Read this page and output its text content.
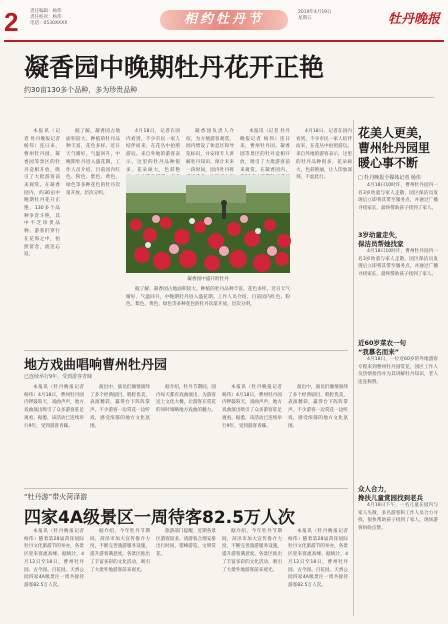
2	责任编辑：杨伟
责任校对：杨伟
电话：0530XXXX	相约牡丹节	2019年4月19日
星期五	牡丹晚报
凝香园中晚期牡丹花开正艳
约30亩130多个品种，多为珍贵品种
本报讯（记者 牡丹晚报记者 杨伟）连日来，曹州牡丹园、凝香园等景区的牡丹竞相开放，吸引了大批游客前来观赏。在凝香园内，约30亩中晚期牡丹花开正艳，130多个品种争奇斗艳，其中不乏珍贵品种。游客们穿行在花海之中，拍照留念，流连忘返。
据了解，凝香园占地面积较大，种植的牡丹品种丰富，花色多样。近日天气晴好，气温回升，中晚期牡丹进入盛花期。工作人员介绍，目前园内红色、粉色、紫色、黄色、绿色等多种花色的牡丹次第开放，层次分明。
4月18日，记者在园内看到，不少市民一家人结伴而来，在花丛中拍照游玩。来自外地的游客表示，这里的牡丹品种很多，花朵硕大，色彩艳
凝香园负责人介绍，为方便游客观赏，园内增设了休息区和导览标识，并安排专人讲解牡丹知识。预计未来一段时间，园内牡丹将
本报讯（记者 牡丹晚报记者 杨伟）连日来，曹州牡丹园、凝香园等景区的牡丹竞相开放，吸引了大批游客前来观赏。在凝香园内，
4月18日，记者在园内看到，不少市民一家人结伴而来，在花丛中拍照游玩。来自外地的游客表示，这里的牡丹品种很多，花朵硕大，色彩艳丽，让人印象深刻，不虚此行。
凝香园中盛开的牡丹
据了解，凝香园占地面积较大，种植的牡丹品种丰富，花色多样。近日天气晴好，气温回升，中晚期牡丹进入盛花期。工作人员介绍，目前园内红色、粉色、紫色、黄色、绿色等多种花色的牡丹次第开放，层次分明。
花美人更美，
曹州牡丹园里
暖心事不断
□ 牡丹晚报全媒体记者 杨伟
4月18日10时许，曹州牡丹园内一名3岁幼童与家人走散，园区保洁员发现后立即将其带至服务点，并通过广播寻找家长，最终帮助孩子找到了家人。
3岁幼童走失，
保洁员帮她找家
4月18日10时许，曹州牡丹园内一名3岁幼童与家人走散，园区保洁员发现后立即将其带至服务点，并通过广播寻找家长，最终帮助孩子找到了家人。
近60岁菜农一句
“我慕名而来”
4月18日，一位近60岁的外地游客专程来到曹州牡丹园赏花，园区工作人员热情接待并为其讲解牡丹知识，老人连连称赞。
众人合力，
搀扶儿童赏园找到老兵
4月18日下午，一名儿童在园内与家人失散，多名游客和工作人员合力寻找，很快帮助孩子找到了家人，现场游客纷纷点赞。
地方戏曲唱响曹州牡丹园
已连续举行9年，受到游客青睐
本报讯（牡丹晚报记者 杨伟）4月18日，曹州牡丹园内锣鼓喧天，戏曲声声，地方戏曲演出吸引了众多游客驻足观看。据悉，该活动已连续举行9年，受到游客青睐。
演出中，演员们倾情演绎了多个经典剧目，唱腔优美，表演精彩，赢得台下阵阵掌声。不少游客一边赏花一边听戏，感受浓郁的地方文化氛围。
据介绍，牡丹节期间，园内每天都有戏曲演出，为游客送上文化大餐，让游客在赏花的同时领略地方戏曲的魅力。
本报讯（牡丹晚报记者 杨伟）4月18日，曹州牡丹园内锣鼓喧天，戏曲声声，地方戏曲演出吸引了众多游客驻足观看。据悉，该活动已连续举行9年，受到游客青睐。
演出中，演员们倾情演绎了多个经典剧目，唱腔优美，表演精彩，赢得台下阵阵掌声。不少游客一边赏花一边听戏，感受浓郁的地方文化氛围。
“牡丹游”带火菏泽游
四家4A级景区一周待客82.5万人次
本报讯（牡丹晚报记者 杨伟）随着第28届菏泽国际牡丹文化旅游节的举办，各景区迎来客流高峰。据统计，4月12日至18日，曹州牡丹园、古今园、百花园、天香公园四家4A级景区一周共接待游客82.5万人次。
据介绍，今年牡丹节期间，菏泽市加大宣传推介力度，不断完善旅游服务设施，提升游客满意度。各景区推出了丰富多彩的文化活动，吸引了大批外地游客前来观光。
旅游部门提醒，近期各景区游客较多，请游客合理安排出行时间，错峰游览，文明赏花。
据介绍，今年牡丹节期间，菏泽市加大宣传推介力度，不断完善旅游服务设施，提升游客满意度。各景区推出了丰富多彩的文化活动，吸引了大批外地游客前来观光。
本报讯（牡丹晚报记者 杨伟）随着第28届菏泽国际牡丹文化旅游节的举办，各景区迎来客流高峰。据统计，4月12日至18日，曹州牡丹园、古今园、百花园、天香公园四家4A级景区一周共接待游客82.5万人次。
